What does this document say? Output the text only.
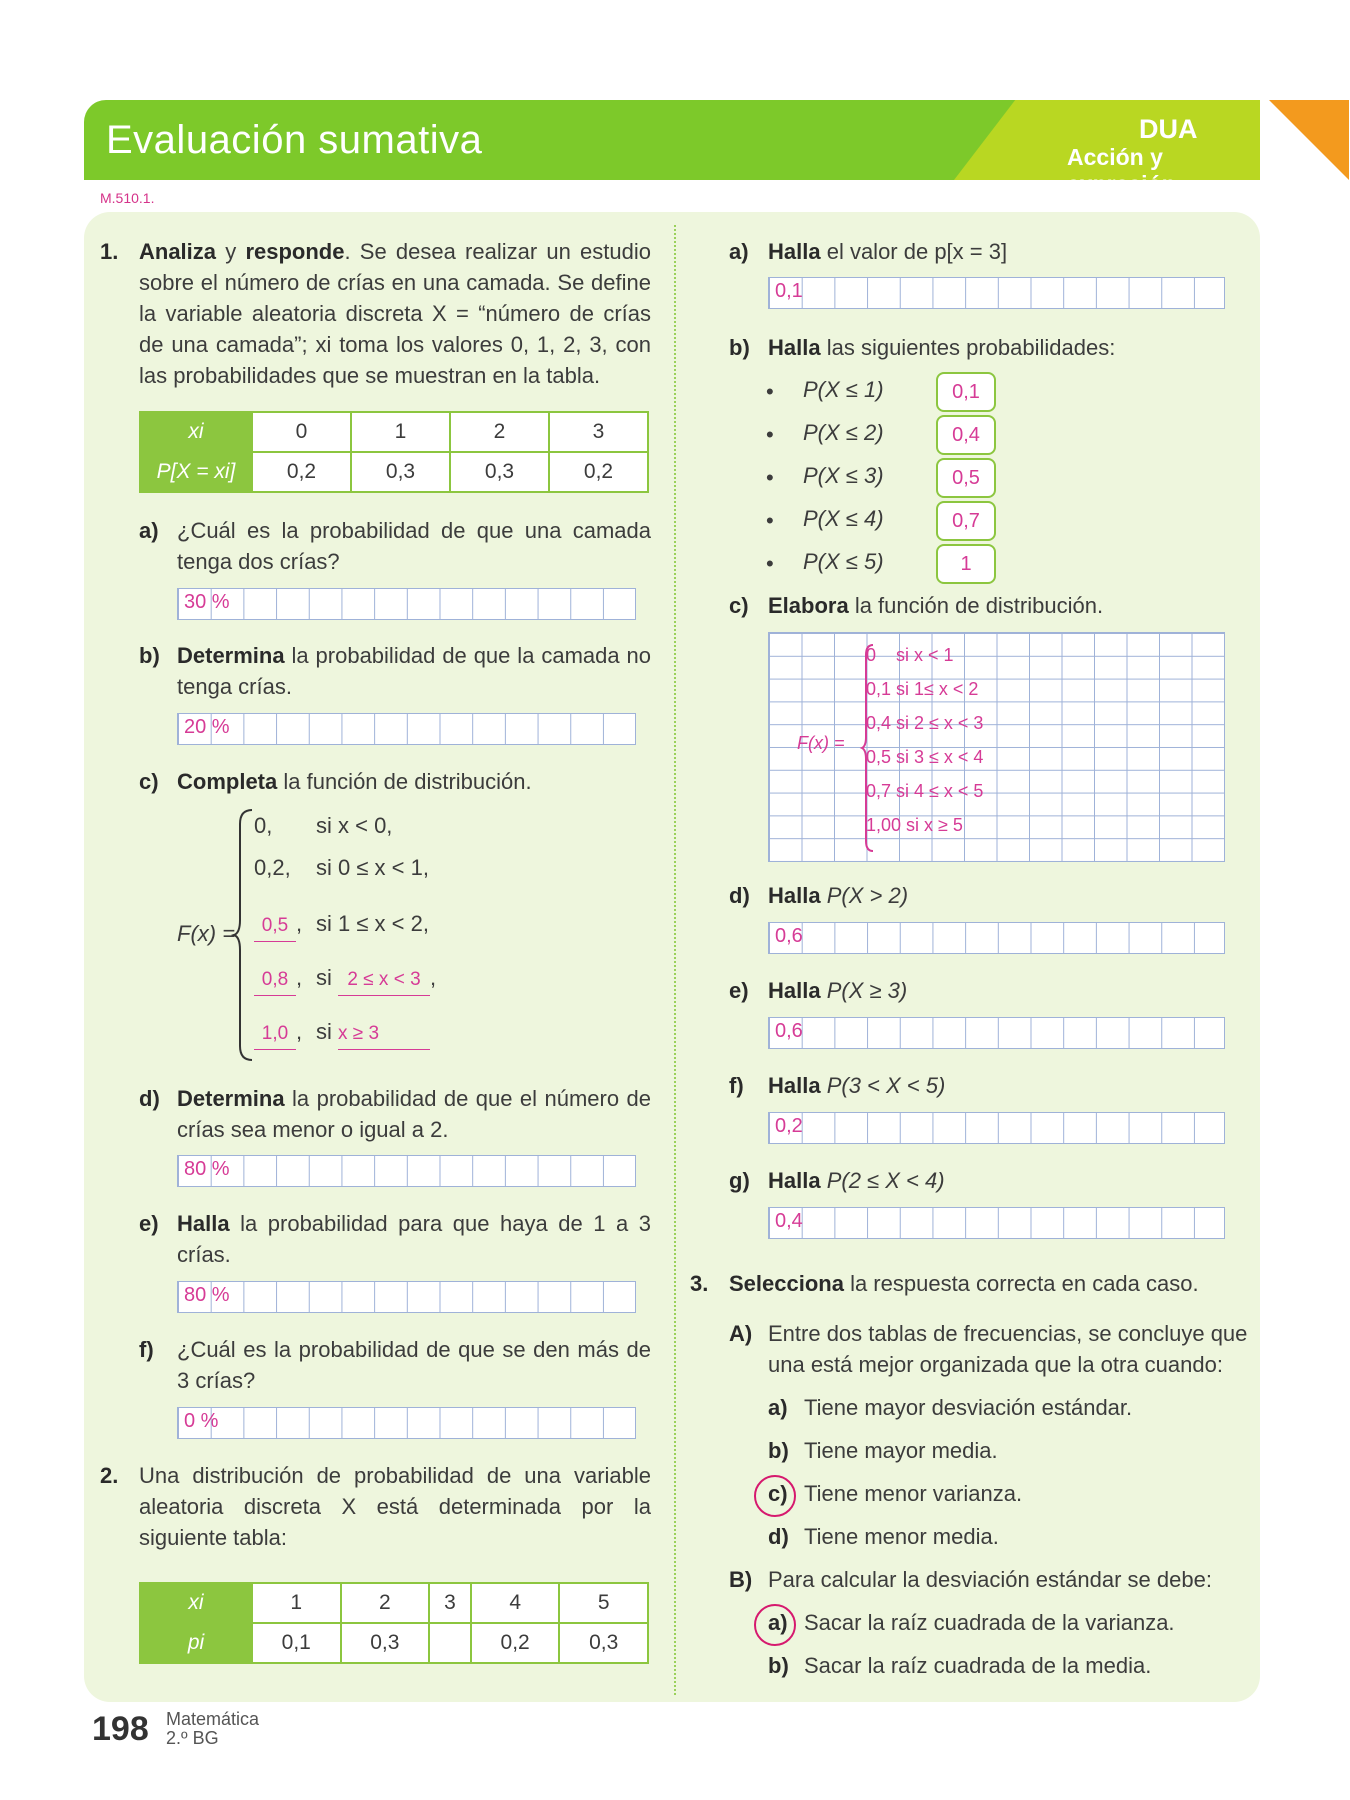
Evaluación sumativa	DUA
Acción y expresión
M.510.1.
1. Analiza y responde. Se desea realizar un estudio sobre el número de crías en una camada. Se define la variable aleatoria discreta X = “número de crías de una camada”; xi toma los valores 0, 1, 2, 3, con las probabilidades que se muestran en la tabla.
xi	0	1	2	3
P[X = xi]	0,2	0,3	0,3	0,2
a) ¿Cuál es la probabilidad de que una camada tenga dos crías?
30 %
b) Determina la probabilidad de que la camada no tenga crías.
20 %
c) Completa la función de distribución.
F(x) =
0, si x < 0,
0,2, si 0 ≤ x < 1,
0,5 , si 1 ≤ x < 2,
0,8 , si 2 ≤ x < 3 ,
1,0 , si x ≥ 3
d) Determina la probabilidad de que el número de crías sea menor o igual a 2.
80 %
e) Halla la probabilidad para que haya de 1 a 3 crías.
80 %
f) ¿Cuál es la probabilidad de que se den más de 3 crías?
0 %
2. Una distribución de probabilidad de una variable aleatoria discreta X está determinada por la siguiente tabla:
xi	1	2	3	4	5
pi	0,1	0,3		0,2	0,3
a) Halla el valor de p[x = 3]
0,1
b) Halla las siguientes probabilidades:
• P(X ≤ 1)	0,1
• P(X ≤ 2)	0,4
• P(X ≤ 3)	0,5
• P(X ≤ 4)	0,7
• P(X ≤ 5)	1
c) Elabora la función de distribución.
F(x) =
0    si x < 1
0,1 si 1≤ x < 2
0,4 si 2 ≤ x < 3
0,5 si 3 ≤ x < 4
0,7 si 4 ≤ x < 5
1,00 si x ≥ 5
d) Halla P(X > 2)
0,6
e) Halla P(X ≥ 3)
0,6
f) Halla P(3 < X < 5)
0,2
g) Halla P(2 ≤ X < 4)
0,4
3. Selecciona la respuesta correcta en cada caso.
A) Entre dos tablas de frecuencias, se concluye que una está mejor organizada que la otra cuando:
a) Tiene mayor desviación estándar.
b) Tiene mayor media.
c) Tiene menor varianza.
d) Tiene menor media.
B) Para calcular la desviación estándar se debe:
a) Sacar la raíz cuadrada de la varianza.
b) Sacar la raíz cuadrada de la media.
198 Matemática
2.º BG
